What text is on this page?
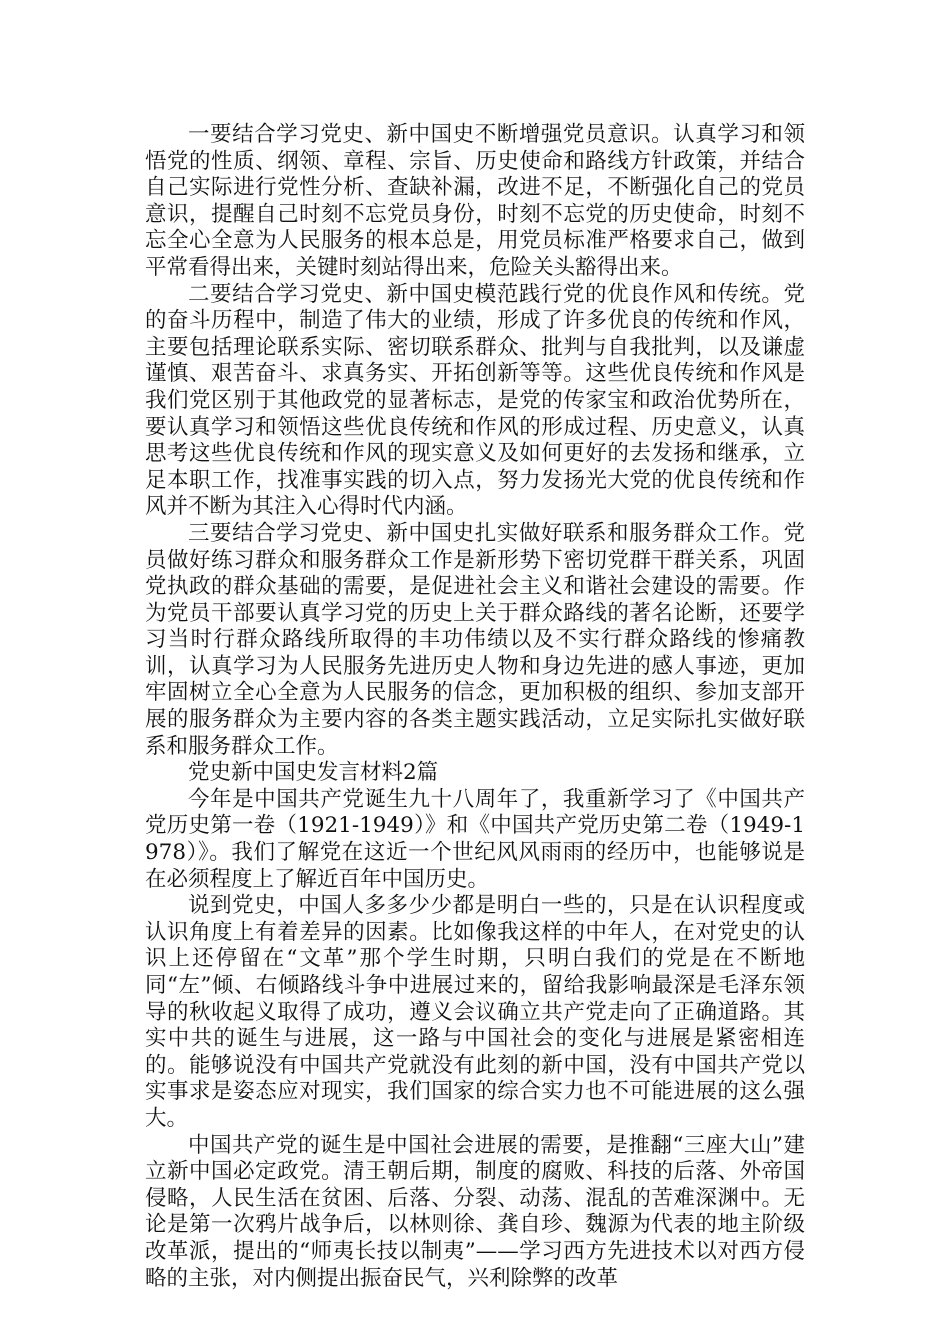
一要结合学习党史、新中国史不断增强党员意识。认真学习和领悟党的性质、纲领、章程、宗旨、历史使命和路线方针政策，并结合自己实际进行党性分析、查缺补漏，改进不足，不断强化自己的党员意识，提醒自己时刻不忘党员身份，时刻不忘党的历史使命，时刻不忘全心全意为人民服务的根本总是，用党员标准严格要求自己，做到平常看得出来，关键时刻站得出来，危险关头豁得出来。

二要结合学习党史、新中国史模范践行党的优良作风和传统。党的奋斗历程中，制造了伟大的业绩，形成了许多优良的传统和作风，主要包括理论联系实际、密切联系群众、批判与自我批判，以及谦虚谨慎、艰苦奋斗、求真务实、开拓创新等等。这些优良传统和作风是我们党区别于其他政党的显著标志，是党的传家宝和政治优势所在，要认真学习和领悟这些优良传统和作风的形成过程、历史意义，认真思考这些优良传统和作风的现实意义及如何更好的去发扬和继承，立足本职工作，找准事实践的切入点，努力发扬光大党的优良传统和作风并不断为其注入心得时代内涵。

三要结合学习党史、新中国史扎实做好联系和服务群众工作。党员做好练习群众和服务群众工作是新形势下密切党群干群关系，巩固党执政的群众基础的需要，是促进社会主义和谐社会建设的需要。作为党员干部要认真学习党的历史上关于群众路线的著名论断，还要学习当时行群众路线所取得的丰功伟绩以及不实行群众路线的惨痛教训，认真学习为人民服务先进历史人物和身边先进的感人事迹，更加牢固树立全心全意为人民服务的信念，更加积极的组织、参加支部开展的服务群众为主要内容的各类主题实践活动，立足实际扎实做好联系和服务群众工作。

党史新中国史发言材料2篇

今年是中国共产党诞生九十八周年了，我重新学习了《中国共产党历史第一卷（1921-1949）》和《中国共产党历史第二卷（1949-1978）》。我们了解党在这近一个世纪风风雨雨的经历中，也能够说是在必须程度上了解近百年中国历史。

说到党史，中国人多多少少都是明白一些的，只是在认识程度或认识角度上有着差异的因素。比如像我这样的中年人，在对党史的认识上还停留在“文革”那个学生时期，只明白我们的党是在不断地同“左”倾、右倾路线斗争中进展过来的，留给我影响最深是毛泽东领导的秋收起义取得了成功，遵义会议确立共产党走向了正确道路。其实中共的诞生与进展，这一路与中国社会的变化与进展是紧密相连的。能够说没有中国共产党就没有此刻的新中国，没有中国共产党以实事求是姿态应对现实，我们国家的综合实力也不可能进展的这么强大。

中国共产党的诞生是中国社会进展的需要，是推翻“三座大山”建立新中国必定政党。清王朝后期，制度的腐败、科技的后落、外帝国侵略，人民生活在贫困、后落、分裂、动荡、混乱的苦难深渊中。无论是第一次鸦片战争后，以林则徐、龚自珍、魏源为代表的地主阶级改革派，提出的“师夷长技以制夷”——学习西方先进技术以对西方侵略的主张，对内侧提出振奋民气，兴利除弊的改革
